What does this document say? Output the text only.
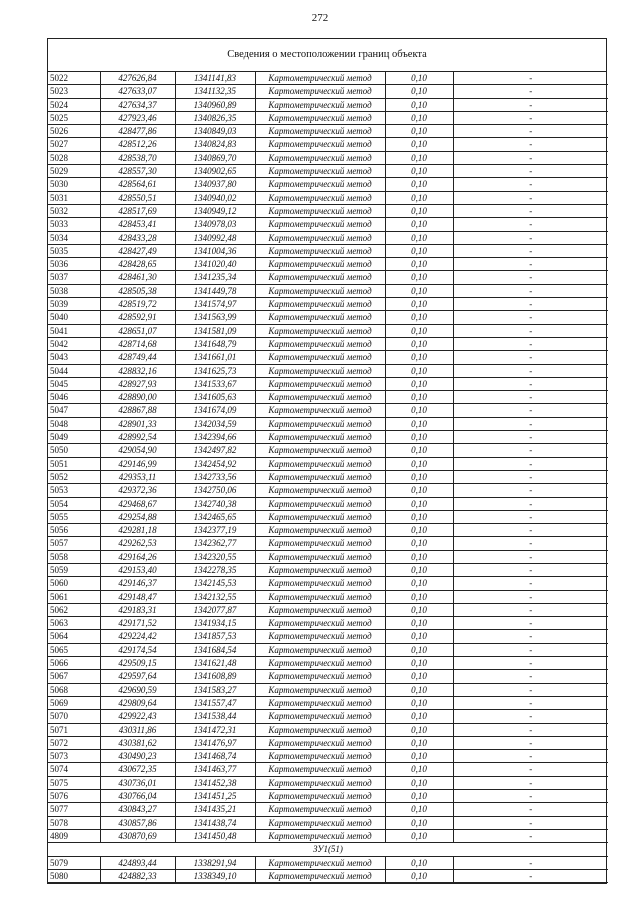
272
Сведения о местоположении границ объекта
5022	427626,84	1341141,83	Картометрический метод	0,10	-
5023	427633,07	1341132,35	Картометрический метод	0,10	-
5024	427634,37	1340960,89	Картометрический метод	0,10	-
5025	427923,46	1340826,35	Картометрический метод	0,10	-
5026	428477,86	1340849,03	Картометрический метод	0,10	-
5027	428512,26	1340824,83	Картометрический метод	0,10	-
5028	428538,70	1340869,70	Картометрический метод	0,10	-
5029	428557,30	1340902,65	Картометрический метод	0,10	-
5030	428564,61	1340937,80	Картометрический метод	0,10	-
5031	428550,51	1340940,02	Картометрический метод	0,10	-
5032	428517,69	1340949,12	Картометрический метод	0,10	-
5033	428453,41	1340978,03	Картометрический метод	0,10	-
5034	428433,28	1340992,48	Картометрический метод	0,10	-
5035	428427,49	1341004,36	Картометрический метод	0,10	-
5036	428428,65	1341020,40	Картометрический метод	0,10	-
5037	428461,30	1341235,34	Картометрический метод	0,10	-
5038	428505,38	1341449,78	Картометрический метод	0,10	-
5039	428519,72	1341574,97	Картометрический метод	0,10	-
5040	428592,91	1341563,99	Картометрический метод	0,10	-
5041	428651,07	1341581,09	Картометрический метод	0,10	-
5042	428714,68	1341648,79	Картометрический метод	0,10	-
5043	428749,44	1341661,01	Картометрический метод	0,10	-
5044	428832,16	1341625,73	Картометрический метод	0,10	-
5045	428927,93	1341533,67	Картометрический метод	0,10	-
5046	428890,00	1341605,63	Картометрический метод	0,10	-
5047	428867,88	1341674,09	Картометрический метод	0,10	-
5048	428901,33	1342034,59	Картометрический метод	0,10	-
5049	428992,54	1342394,66	Картометрический метод	0,10	-
5050	429054,90	1342497,82	Картометрический метод	0,10	-
5051	429146,99	1342454,92	Картометрический метод	0,10	-
5052	429353,11	1342733,56	Картометрический метод	0,10	-
5053	429372,36	1342750,06	Картометрический метод	0,10	-
5054	429468,67	1342740,38	Картометрический метод	0,10	-
5055	429254,88	1342465,65	Картометрический метод	0,10	-
5056	429281,18	1342377,19	Картометрический метод	0,10	-
5057	429262,53	1342362,77	Картометрический метод	0,10	-
5058	429164,26	1342320,55	Картометрический метод	0,10	-
5059	429153,40	1342278,35	Картометрический метод	0,10	-
5060	429146,37	1342145,53	Картометрический метод	0,10	-
5061	429148,47	1342132,55	Картометрический метод	0,10	-
5062	429183,31	1342077,87	Картометрический метод	0,10	-
5063	429171,52	1341934,15	Картометрический метод	0,10	-
5064	429224,42	1341857,53	Картометрический метод	0,10	-
5065	429174,54	1341684,54	Картометрический метод	0,10	-
5066	429509,15	1341621,48	Картометрический метод	0,10	-
5067	429597,64	1341608,89	Картометрический метод	0,10	-
5068	429690,59	1341583,27	Картометрический метод	0,10	-
5069	429809,64	1341557,47	Картометрический метод	0,10	-
5070	429922,43	1341538,44	Картометрический метод	0,10	-
5071	430311,86	1341472,31	Картометрический метод	0,10	-
5072	430381,62	1341476,97	Картометрический метод	0,10	-
5073	430490,23	1341468,74	Картометрический метод	0,10	-
5074	430672,35	1341463,77	Картометрический метод	0,10	-
5075	430736,01	1341452,38	Картометрический метод	0,10	-
5076	430766,04	1341451,25	Картометрический метод	0,10	-
5077	430843,27	1341435,21	Картометрический метод	0,10	-
5078	430857,86	1341438,74	Картометрический метод	0,10	-
4809	430870,69	1341450,48	Картометрический метод	0,10	-
ЗУ1(51)					
5079	424893,44	1338291,94	Картометрический метод	0,10	-
5080	424882,33	1338349,10	Картометрический метод	0,10	-
